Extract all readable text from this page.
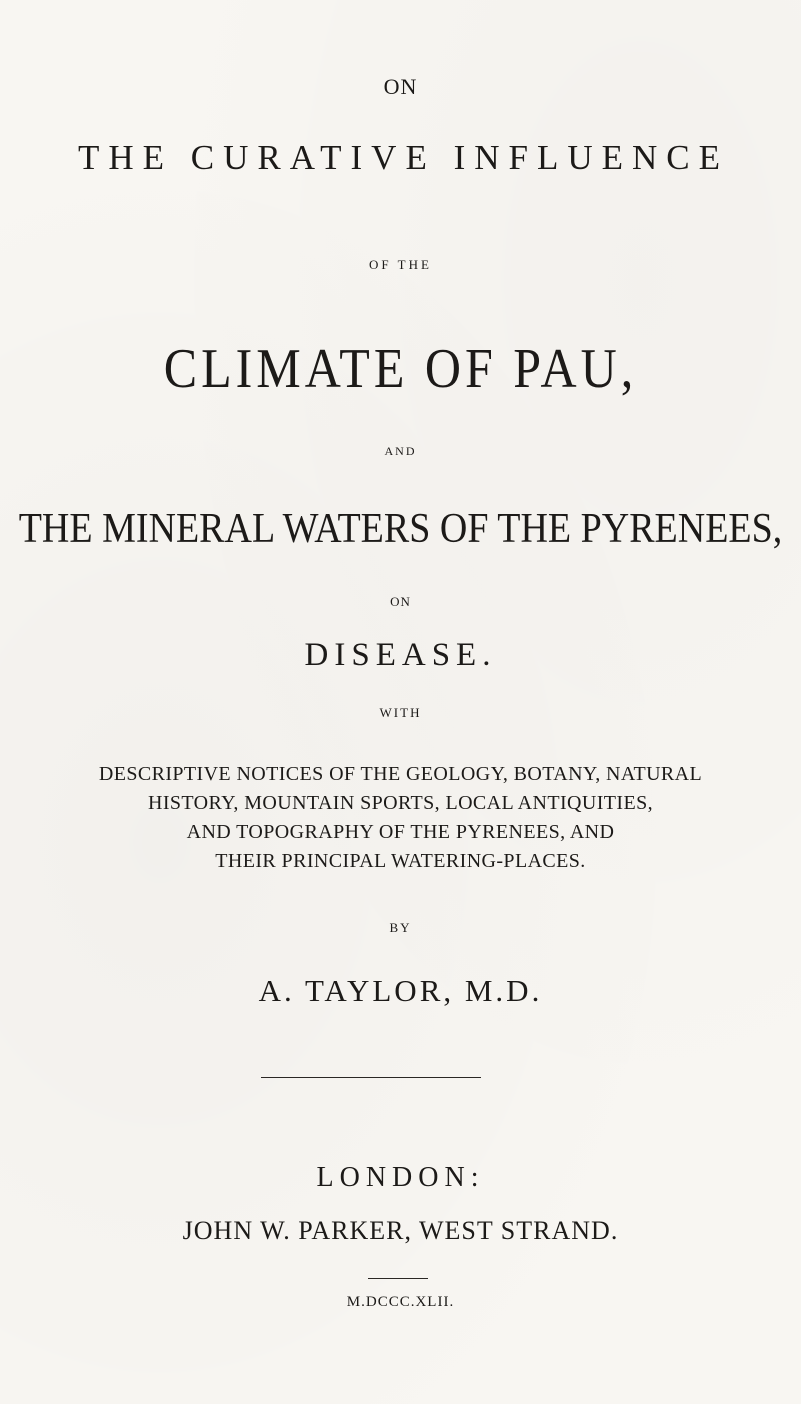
ON
THE CURATIVE INFLUENCE
OF THE
CLIMATE OF PAU,
AND
THE MINERAL WATERS OF THE PYRENEES,
ON
DISEASE.
WITH
DESCRIPTIVE NOTICES OF THE GEOLOGY, BOTANY, NATURAL
HISTORY, MOUNTAIN SPORTS, LOCAL ANTIQUITIES,
AND TOPOGRAPHY OF THE PYRENEES, AND
THEIR PRINCIPAL WATERING-PLACES.
BY
A. TAYLOR, M.D.
LONDON:
JOHN W. PARKER, WEST STRAND.
M.DCCC.XLII.
